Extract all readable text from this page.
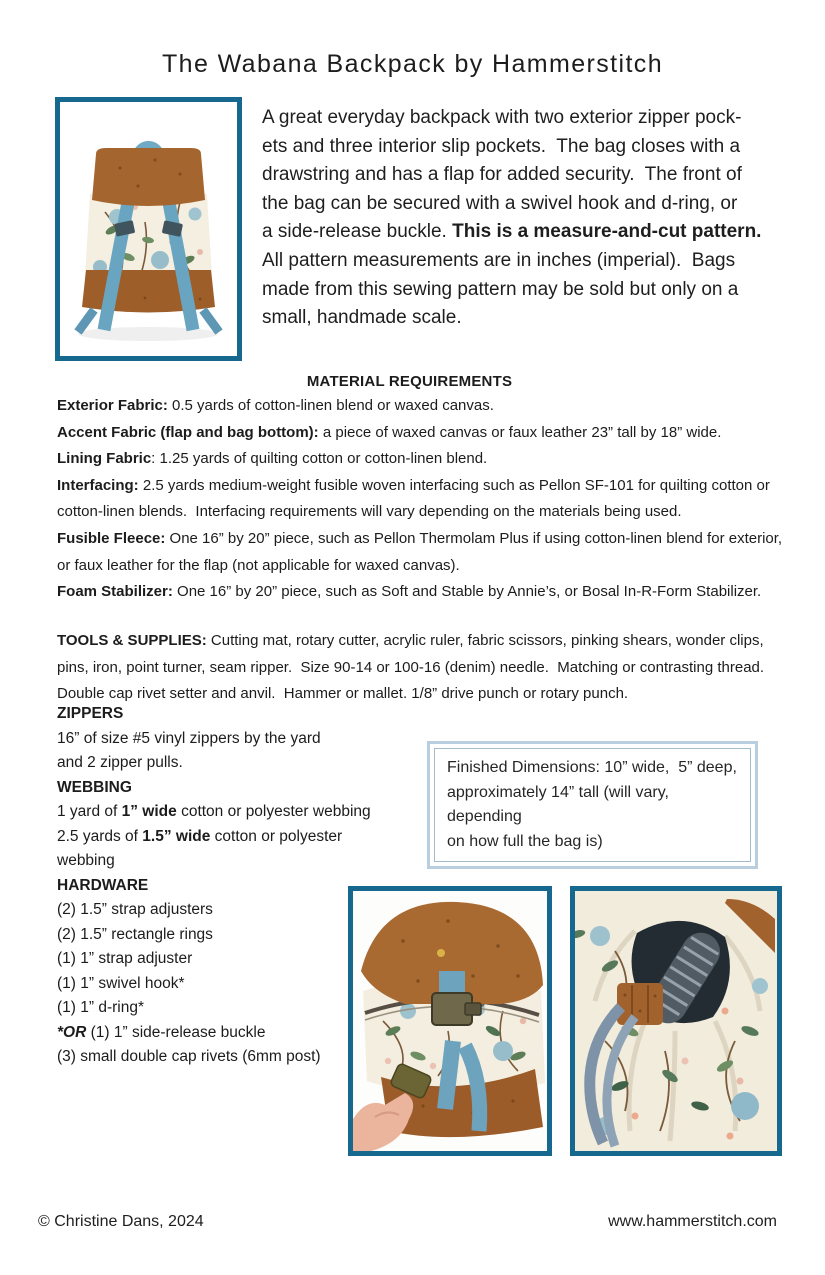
The Wabana Backpack by Hammerstitch
A great everyday backpack with two exterior zipper pock-
ets and three interior slip pockets.  The bag closes with a
drawstring and has a flap for added security.  The front of
the bag can be secured with a swivel hook and d-ring, or
a side-release buckle. This is a measure-and-cut pattern.
All pattern measurements are in inches (imperial).  Bags
made from this sewing pattern may be sold but only on a
small, handmade scale.
MATERIAL REQUIREMENTS

Exterior Fabric: 0.5 yards of cotton-linen blend or waxed canvas.

Accent Fabric (flap and bag bottom): a piece of waxed canvas or faux leather 23” tall by 18” wide.

Lining Fabric: 1.25 yards of quilting cotton or cotton-linen blend.

Interfacing: 2.5 yards medium-weight fusible woven interfacing such as Pellon SF-101 for quilting cotton or cotton-linen blends.  Interfacing requirements will vary depending on the materials being used.

Fusible Fleece: One 16” by 20” piece, such as Pellon Thermolam Plus if using cotton-linen blend for exterior, or faux leather for the flap (not applicable for waxed canvas).

Foam Stabilizer: One 16” by 20” piece, such as Soft and Stable by Annie’s, or Bosal In-R-Form Stabilizer.

TOOLS & SUPPLIES: Cutting mat, rotary cutter, acrylic ruler, fabric scissors, pinking shears, wonder clips, pins, iron, point turner, seam ripper.  Size 90-14 or 100-16 (denim) needle.  Matching or contrasting thread. Double cap rivet setter and anvil.  Hammer or mallet. 1/8” drive punch or rotary punch.
ZIPPERS
16” of size #5 vinyl zippers by the yard
and 2 zipper pulls.
WEBBING
1 yard of 1” wide cotton or polyester webbing
2.5 yards of 1.5” wide cotton or polyester
webbing
HARDWARE
(2) 1.5” strap adjusters
(2) 1.5” rectangle rings
(1) 1” strap adjuster
(1) 1” swivel hook*
(1) 1” d-ring*
*OR (1) 1” side-release buckle
(3) small double cap rivets (6mm post)
Finished Dimensions: 10” wide,  5” deep,
approximately 14” tall (will vary, depending
on how full the bag is)
© Christine Dans, 2024	www.hammerstitch.com
